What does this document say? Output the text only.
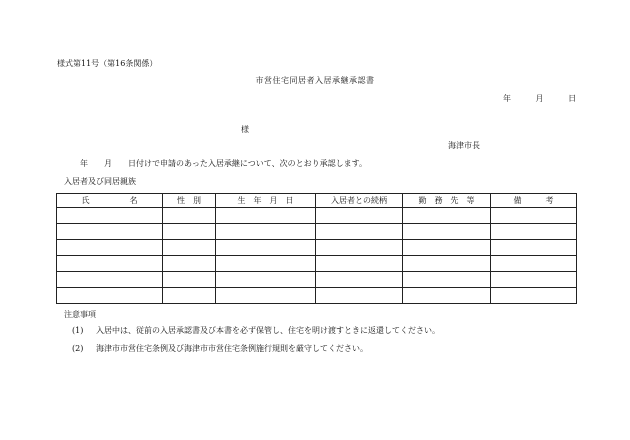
様式第11号（第16条関係）
市営住宅同居者入居承継承認書
年	月	日
様
海津市長
年　　月　　日付けで申請のあった入居承継について、次のとおり承認します。
入居者及び同居親族
氏　　　　　名	性　別	生　年　月　日	入居者との続柄	勤　務　先　等	備　　　考

注意事項
(1) 入居中は、従前の入居承認書及び本書を必ず保管し、住宅を明け渡すときに返還してください。
(2) 海津市市営住宅条例及び海津市市営住宅条例施行規則を厳守してください。
